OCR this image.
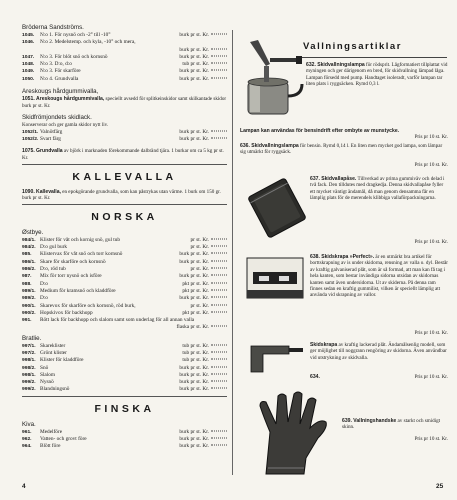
Bröderna Sandströms.
1045.	N:o 1. För nysnö och -2° till -10°	burk pr st. Kr.
1046.	N:o 2. Medelstemp. och kyla, -10° och mera,
burk pr st. Kr.
1047.	N:o 3. För blöt snö och kornsnö	burk pr st. Kr.
1048.	N:o 3. D:o, d:o	tub pr st. Kr.
1049.	N:o 3. För skarföre	burk pr st. Kr.
1050.	N:o 4. Grundvalla	burk pr st. Kr.
Areskougs hårdgummivalla,
1051. Areskougs hårdgummivalla, speciellt avsedd för splitkeinskidor samt skilkantade skidor burk pr st. Kr.
Skidfrömjondets skidlack.
Konserverar och ger gamla skidor nytt liv.
1052/1. Valnötfärg	burk pr st. Kr.
1052/2. Svart färg	burk pr st. Kr.
1075. Grundvalla av björk i marknaden förekommande dalbränd tjära. 1 burkar om ca 5 kg pr st. Kr.
KALLEVALLA
1090. Kallevalla, en epokgörande grundvalla, som kan påstrykas utan värme. 1 burk om 150 gr. burk pr st. Kr.
NORSKA
Østbye.
984/1. Klister för våt och kornig snö, gul tub	pr st. Kr.
984/2. D:o gul burk	pr st. Kr.
985.	Klistervax för våt snö och torr kornsnö	burk pr st. Kr.
986/1. Skare för skarföre och kornsnö	burk pr st. Kr.
986/2. D:o, röd tub	pr st. Kr.
987.	Mix för torr nysnö och isföre	burk pr st. Kr.
988.	D:o	pkt pr st. Kr.
989/1. Medium för kramsnö och kladdföre	pkt pr st. Kr.
989/2. D:o	burk pr st. Kr.
990/1. Skarevox för skarföre och kornsnö, röd burk,	pr st. Kr.
990/2. Hopskivox för backhopp	pkt pr st. Kr.
991.	Rött lack för backhopp och slalom samt som underlag för all annan valla
flaska pr st. Kr.
Bratlie.
997/1. Skareklister	tub pr st. Kr.
997/2. Grönt klister	tub pr st. Kr.
998/1. Klister för kladdföre	tub pr st. Kr.
998/2. Snö	burk pr st. Kr.
998/1. Slalom	burk pr st. Kr.
999/2. Nysnö	burk pr st. Kr.
999/2. Blandningsnö	burk pr st. Kr.
FINSKA
Kiva.
961.	Medelföre	burk pr st. Kr.
962.	Vatten- och grovt före	burk pr st. Kr.
964.	Blött före	burk pr st. Kr.
Vallningsartiklar
632. Skidvallningslampa för rödsprit. Lågformatiert tillplattat vid myningen och ger därigenom en bred, för skidvallning lämpad låga. Lampan försedd med pump. Handtaget isoleradt, varför lampan tar liten plats i ryggsäcken. Rymd 0,3 l.
Lampan kan användas för bensindrift efter ombyte av munstycke.
Pris pr 10 st. Kr.
636. Skidvallningslampa för bensin. Rymd 0,14 l. En liten men mycket god lampa, som lämpar sig utmärkt för ryggsäck.
Pris pr 10 st. Kr.
637. Skidvallapåse. Tillverkad av prima gummiväv och delad i två fack. Den tilldutes med dragkedja. Denna skidvallapåse fyller ett mycket väntigt ändamål, då man genom densamma får en lämplig plats för de merendels klibbiga vallaförpackningarna.
Pris pr 10 st. Kr.
638. Skidskrapa »Perfect». är en utmärkt bra artikel för borttskrapning av is under skidorna, rensning av valla o. dyl. Består av kraftig galvaniserad plåt, som är så formad, att man kan få tag i hela kanten, som bestar invändiga sidorna utsidan av skidornas kanten samt även undersidorna. Ut av skiderna. På denna ram finnes sedan en kraftig gummilist, vilken är speciellt lämplig att använda vid skrapning av vallor.
Pris pr 10 st. Kr.
Skidskrapa av kraftig lackerad plåt. Ändamålsenlig modell, som ger möjlighet till noggrann rengöring av skidorna. Även användbar vid utstrykning av skidvalla.
634.	Pris pr 10 st. Kr.
639. Vallningshandske av starkt och smidigt skinn.
Pris pr 10 st. Kr.
4	25
